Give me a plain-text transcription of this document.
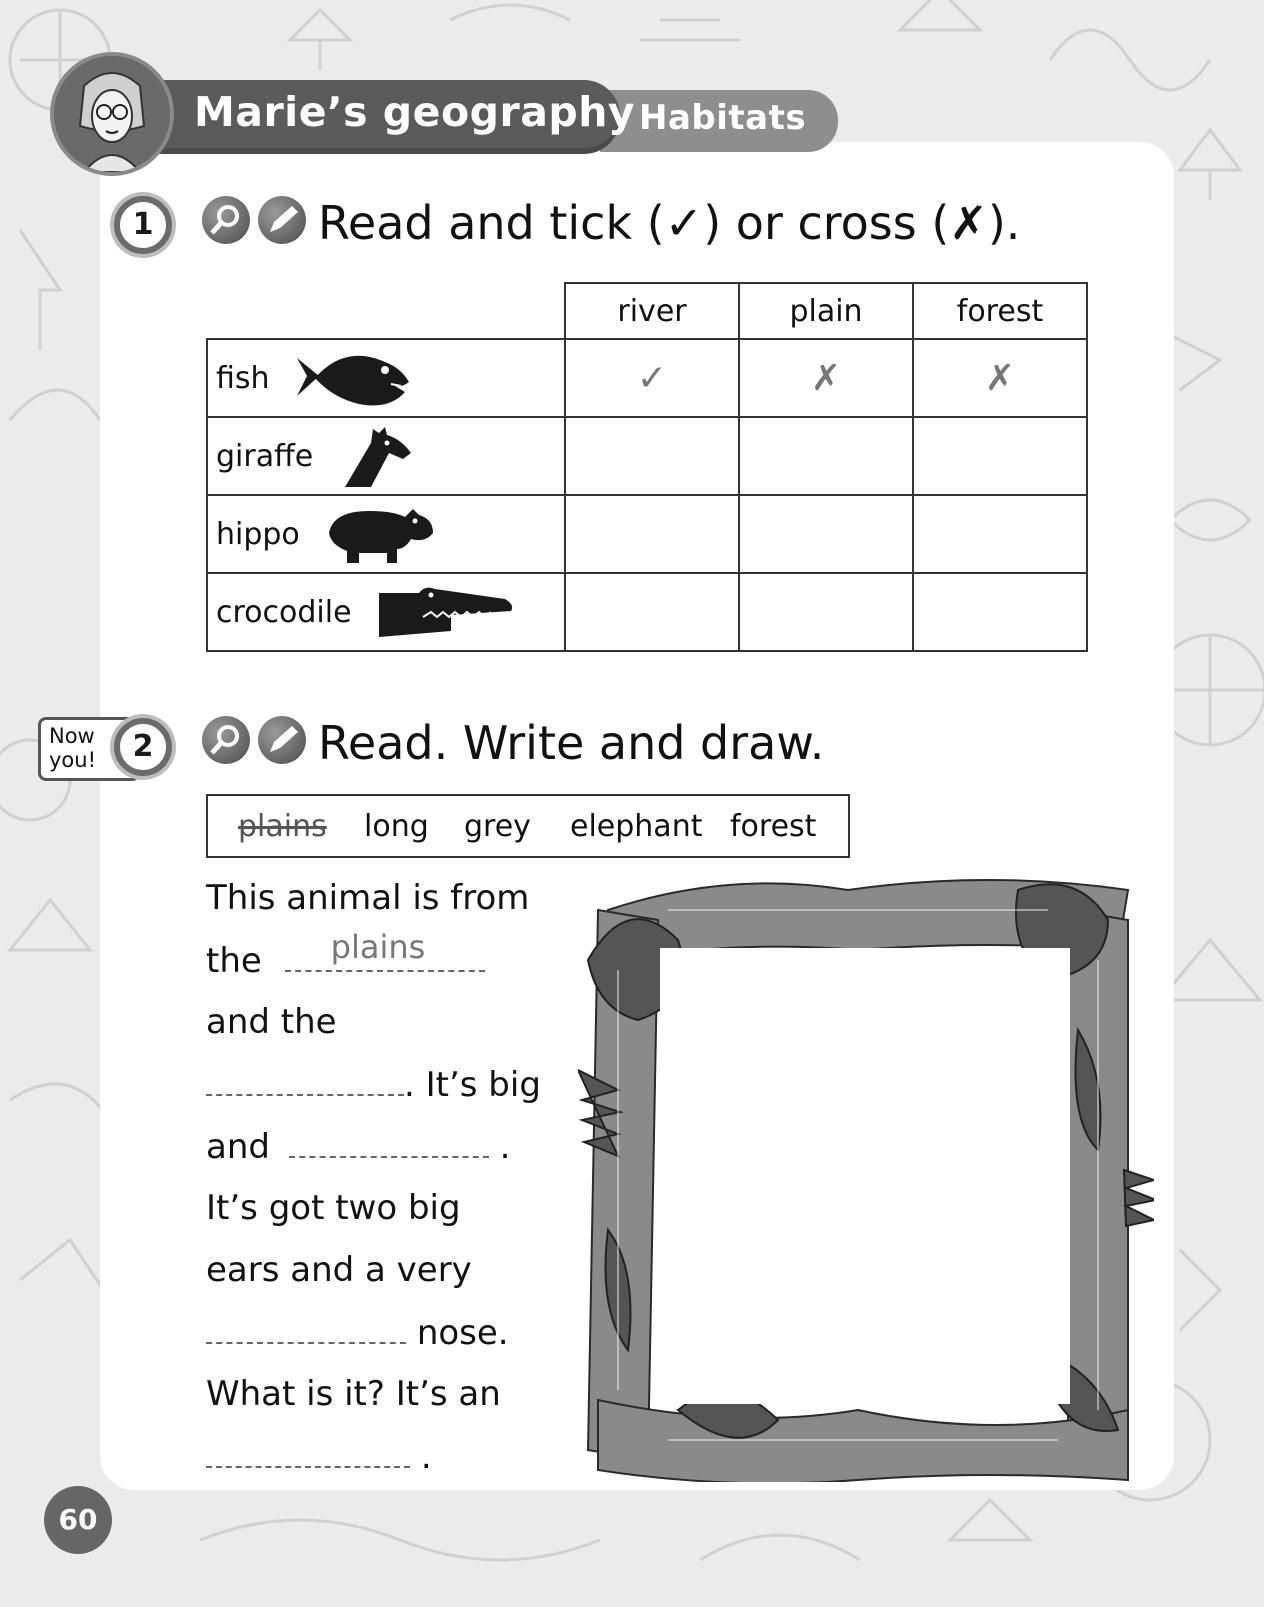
Marie’s geography Habitats
1	Read and tick (✓) or cross (✗).
	river	plain	forest
fish	✓	✗	✗
giraffe			
hippo			
crocodile			
Now
you!	2	Read. Write and draw.
plains long grey elephant forest
This animal is from
the plains
and the
. It’s big
and	.
It’s got two big
ears and a very
nose.
What is it? It’s an
.
60
